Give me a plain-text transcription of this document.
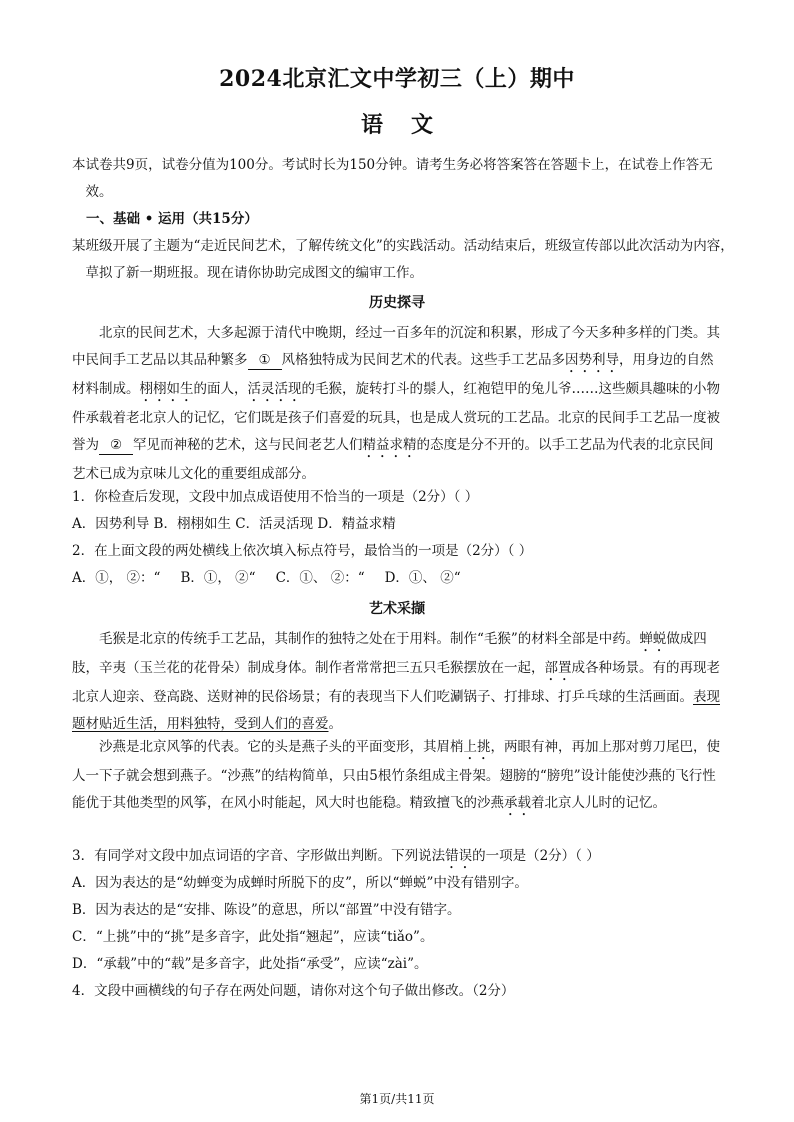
2024北京汇文中学初三（上）期中
语文
本试卷共9页，试卷分值为100分。考试时长为150分钟。请考生务必将答案答在答题卡上，在试卷上作答无效。
一、基础 • 运用（共15分）
某班级开展了主题为“走近民间艺术，了解传统文化”的实践活动。活动结束后，班级宣传部以此次活动为内容，草拟了新一期班报。现在请你协助完成图文的编审工作。
历史探寻
北京的民间艺术，大多起源于清代中晚期，经过一百多年的沉淀和积累，形成了今天多种多样的门类。其中民间手工艺品以其品种繁多 ① 风格独特成为民间艺术的代表。这些手工艺品多因势利导，用身边的自然材料制成。栩栩如生的面人，活灵活现的毛猴，旋转打斗的鬃人，红袍铠甲的兔儿爷……这些颇具趣味的小物件承载着老北京人的记忆，它们既是孩子们喜爱的玩具，也是成人赏玩的工艺品。北京的民间手工艺品一度被誉为 ② 罕见而神秘的艺术，这与民间老艺人们精益求精的态度是分不开的。以手工艺品为代表的北京民间艺术已成为京味儿文化的重要组成部分。
1．你检查后发现，文段中加点成语使用不恰当的一项是（2分）（ ）
A．因势利导 B．栩栩如生 C．活灵活现 D．精益求精
2．在上面文段的两处横线上依次填入标点符号，最恰当的一项是（2分）（ ）
A．①， ②：“ B．①， ②“ C．①、 ②：“ D．①、 ②“
艺术采撷
毛猴是北京的传统手工艺品，其制作的独特之处在于用料。制作“毛猴”的材料全部是中药。蝉蜕做成四肢，辛夷（玉兰花的花骨朵）制成身体。制作者常常把三五只毛猴摆放在一起，部置成各种场景。有的再现老北京人迎亲、登高跷、送财神的民俗场景；有的表现当下人们吃涮锅子、打排球、打乒乓球的生活画面。表现题材贴近生活，用料独特，受到人们的喜爱。
沙燕是北京风筝的代表。它的头是燕子头的平面变形，其眉梢上挑，两眼有神，再加上那对剪刀尾巴，使人一下子就会想到燕子。“沙燕”的结构简单，只由5根竹条组成主骨架。翅膀的“膀兜”设计能使沙燕的飞行性能优于其他类型的风筝，在风小时能起，风大时也能稳。精致擅飞的沙燕承载着北京人儿时的记忆。
3．有同学对文段中加点词语的字音、字形做出判断。下列说法错误的一项是（2分）（ ）
A．因为表达的是“幼蝉变为成蝉时所脱下的皮”，所以“蝉蜕”中没有错别字。
B．因为表达的是“安排、陈设”的意思，所以“部置”中没有错字。
C．“上挑”中的“挑”是多音字，此处指“翘起”，应读“tiǎo”。
D．“承载”中的“载”是多音字，此处指“承受”，应读“zài”。
4．文段中画横线的句子存在两处问题，请你对这个句子做出修改。（2分）
第1页/共11页
